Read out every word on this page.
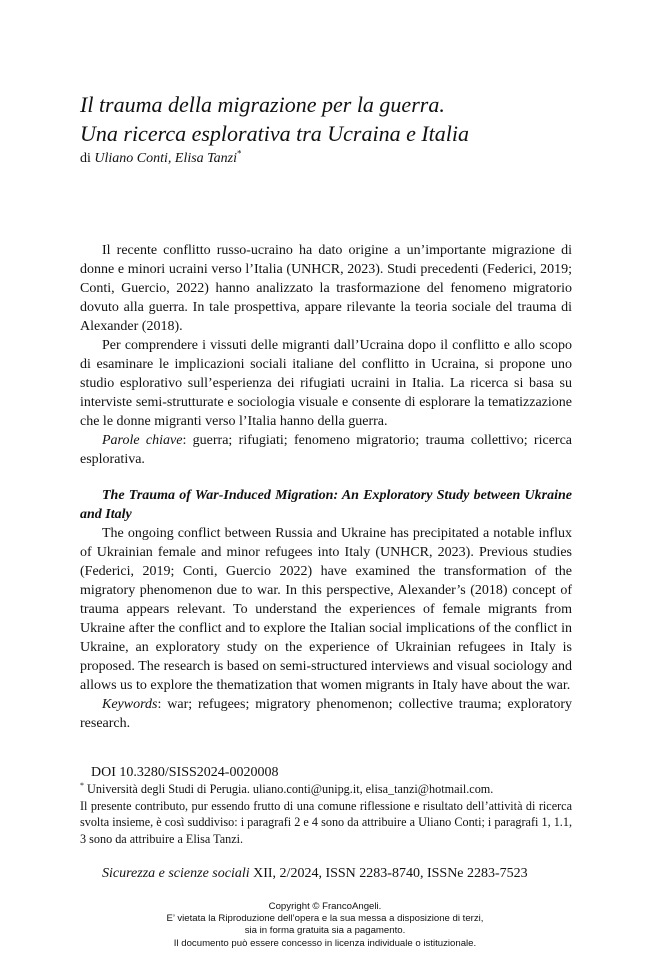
Il trauma della migrazione per la guerra.
Una ricerca esplorativa tra Ucraina e Italia
di Uliano Conti, Elisa Tanzi*

Il recente conflitto russo-ucraino ha dato origine a un’importante migrazione di donne e minori ucraini verso l’Italia (UNHCR, 2023). Studi precedenti (Federici, 2019; Conti, Guercio, 2022) hanno analizzato la trasformazione del fenomeno migratorio dovuto alla guerra. In tale prospettiva, appare rilevante la teoria sociale del trauma di Alexander (2018).

Per comprendere i vissuti delle migranti dall’Ucraina dopo il conflitto e allo scopo di esaminare le implicazioni sociali italiane del conflitto in Ucraina, si propone uno studio esplorativo sull’esperienza dei rifugiati ucraini in Italia. La ricerca si basa su interviste semi-strutturate e sociologia visuale e consente di esplorare la tematizzazione che le donne migranti verso l’Italia hanno della guerra.

Parole chiave: guerra; rifugiati; fenomeno migratorio; trauma collettivo; ricerca esplorativa.

The Trauma of War-Induced Migration: An Exploratory Study between Ukraine and Italy

The ongoing conflict between Russia and Ukraine has precipitated a notable influx of Ukrainian female and minor refugees into Italy (UNHCR, 2023). Previous studies (Federici, 2019; Conti, Guercio 2022) have examined the transformation of the migratory phenomenon due to war. In this perspective, Alexander’s (2018) concept of trauma appears relevant. To understand the experiences of female migrants from Ukraine after the conflict and to explore the Italian social implications of the conflict in Ukraine, an exploratory study on the experience of Ukrainian refugees in Italy is proposed. The research is based on semi-structured interviews and visual sociology and allows us to explore the thematization that women migrants in Italy have about the war.

Keywords: war; refugees; migratory phenomenon; collective trauma; exploratory research.

DOI 10.3280/SISS2024-0020008

* Università degli Studi di Perugia. uliano.conti@unipg.it, elisa_tanzi@hotmail.com.

Il presente contributo, pur essendo frutto di una comune riflessione e risultato dell’attività di ricerca svolta insieme, è così suddiviso: i paragrafi 2 e 4 sono da attribuire a Uliano Conti; i paragrafi 1, 1.1, 3 sono da attribuire a Elisa Tanzi.

Sicurezza e scienze sociali XII, 2/2024, ISSN 2283-8740, ISSNe 2283-7523
Copyright © FrancoAngeli.
E’ vietata la Riproduzione dell’opera e la sua messa a disposizione di terzi,
sia in forma gratuita sia a pagamento.
Il documento può essere concesso in licenza individuale o istituzionale.
